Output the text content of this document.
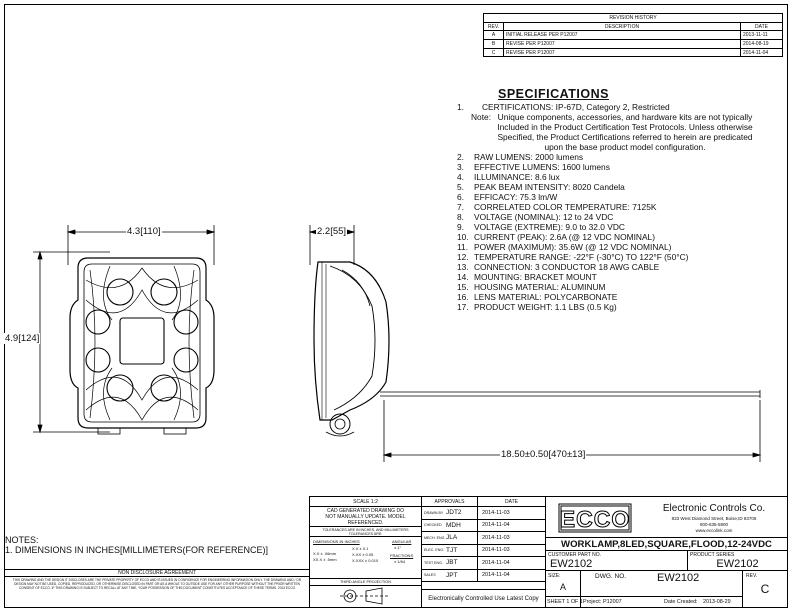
REVISION HISTORY		
REV.	DESCRIPTION	DATE
A	INITIAL RELEASE PER P12007	2013-11-11
B	REVISE PER P12007	2014-08-19
C	REVISE PER P12007	2014-11-04
SPECIFICATIONS
1.	CERTIFICATIONS: IP-67D, Category 2, Restricted
Note: Unique components, accessories, and hardware kits are not typically Included in the Product Certification Test Protocols. Unless otherwise Specified, the Product Certifications referred to herein are predicated upon the base product model configuration.
2.	RAW LUMENS: 2000 lumens
3.	EFFECTIVE LUMENS: 1600 lumens
4.	ILLUMINANCE: 8.6 lux
5.	PEAK BEAM INTENSITY: 8020 Candela
6.	EFFICACY: 75.3 lm/W
7.	CORRELATED COLOR TEMPERATURE: 7125K
8.	VOLTAGE (NOMINAL): 12 to 24 VDC
9.	VOLTAGE (EXTREME): 9.0 to 32.0 VDC
10. CURRENT (PEAK): 2.6A (@ 12 VDC NOMINAL)
11. POWER (MAXIMUM): 35.6W (@ 12 VDC NOMINAL)
12. TEMPERATURE RANGE: -22°F (-30°C) TO 122°F (50°C)
13. CONNECTION: 3 CONDUCTOR 18 AWG CABLE
14. MOUNTING: BRACKET MOUNT
15. HOUSING MATERIAL: ALUMINUM
16. LENS MATERIAL: POLYCARBONATE
17. PRODUCT WEIGHT: 1.1 LBS (0.5 Kg)
4.3[110]	2.2[55]
4.9[124]
18.50±0.50[470±13]
NOTES:
1. DIMENSIONS IN INCHES[MILLIMETERS(FOR REFERENCE)]
NON DISCLOSURE AGREEMENT
THIS DRAWING AND THE DESIGN IT DISCLOSES ARE THE PRIVATE PROPERTY OF ECCO AND IS ISSUED IN CONFIDENCE FOR ENGINEERING INFORMATION ONLY. THE DRAWING AND / OR DESIGN MAY NOT BE USED, COPIED, REPRODUCED, OR OTHERWISE DISCLOSED IN PART OR AS A WHOLE TO OUTSIDE USE FOR ANY OTHER PURPOSE WITHOUT THE PRIOR WRITTEN CONSENT OF ECCO. IF THIS DRAWING IS SUBJECT TO RECALL AT ANY TIME, YOUR POSSESSION OF THIS DOCUMENT CONSTITUTES ACCEPTANCE OF THESE TERMS. 2013 ECCO
SCALE 1:2
CAD GENERATED DRAWING DO NOT MANUALLY UPDATE. MODEL REFERENCED.
TOLERANCES ARE IN INCHES, AND MILLIMETERS TOLERANCES ARE:
DIMENSIONS IN INCHES
X.X ± .06mm
XX.X ± .5mm
X.X ± 0.1
X.XX ± 0.05
X.XXX ± 0.010
ANGULAR
± 1°
FRACTIONS
± 1/64
THIRD ANGLE PROJECTION
APPROVALS	DATE
DRAWN BY JDT2	2014-11-03
CHECKED MDH	2014-11-04
MECH. ENG. JLA	2014-11-03
ELEC. ENG. TJT	2014-11-03
TEST ENG. JBT	2014-11-04
SALES	JPT	2014-11-04
Electronically Controlled Use Latest Copy
ECCO	Electronic Controls Co.
833 West Diamond Street, Boise,ID 83705
800-635-5900
www.eccolink.com
WORKLAMP,8LED,SQUARE,FLOOD,12-24VDC
CUSTOMER PART NO.
EW2102
PRODUCT SERIES
EW2102
SIZE:
A
DWG. NO.	EW2102	REV.
C
SHEET 1 OF 1 Project: P12007	Date Created: 2013-08-29
